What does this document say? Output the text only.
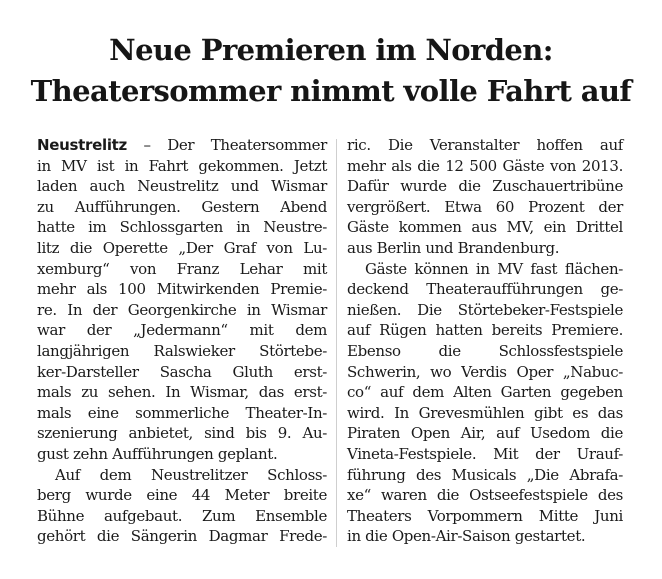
Neue Premieren im Norden:
Theatersommer nimmt volle Fahrt auf
Neustrelitz – Der Theatersommer
in MV ist in Fahrt gekommen. Jetzt
laden auch Neustrelitz und Wismar
zu Aufführungen. Gestern Abend
hatte im Schlossgarten in Neustre-
litz die Operette „Der Graf von Lu-
xemburg“ von Franz Lehar mit
mehr als 100 Mitwirkenden Premie-
re. In der Georgenkirche in Wismar
war der „Jedermann“ mit dem
langjährigen Ralswieker Störtebe-
ker-Darsteller Sascha Gluth erst-
mals zu sehen. In Wismar, das erst-
mals eine sommerliche Theater-In-
szenierung anbietet, sind bis 9. Au-
gust zehn Aufführungen geplant.
Auf dem Neustrelitzer Schloss-
berg wurde eine 44 Meter breite
Bühne aufgebaut. Zum Ensemble
gehört die Sängerin Dagmar Frede-
ric. Die Veranstalter hoffen auf
mehr als die 12 500 Gäste von 2013.
Dafür wurde die Zuschauertribüne
vergrößert. Etwa 60 Prozent der
Gäste kommen aus MV, ein Drittel
aus Berlin und Brandenburg.
Gäste können in MV fast flächen-
deckend Theateraufführungen ge-
nießen. Die Störtebeker-Festspiele
auf Rügen hatten bereits Premiere.
Ebenso die Schlossfestspiele
Schwerin, wo Verdis Oper „Nabuc-
co“ auf dem Alten Garten gegeben
wird. In Grevesmühlen gibt es das
Piraten Open Air, auf Usedom die
Vineta-Festspiele. Mit der Urauf-
führung des Musicals „Die Abrafa-
xe“ waren die Ostseefestspiele des
Theaters Vorpommern Mitte Juni
in die Open-Air-Saison gestartet.
